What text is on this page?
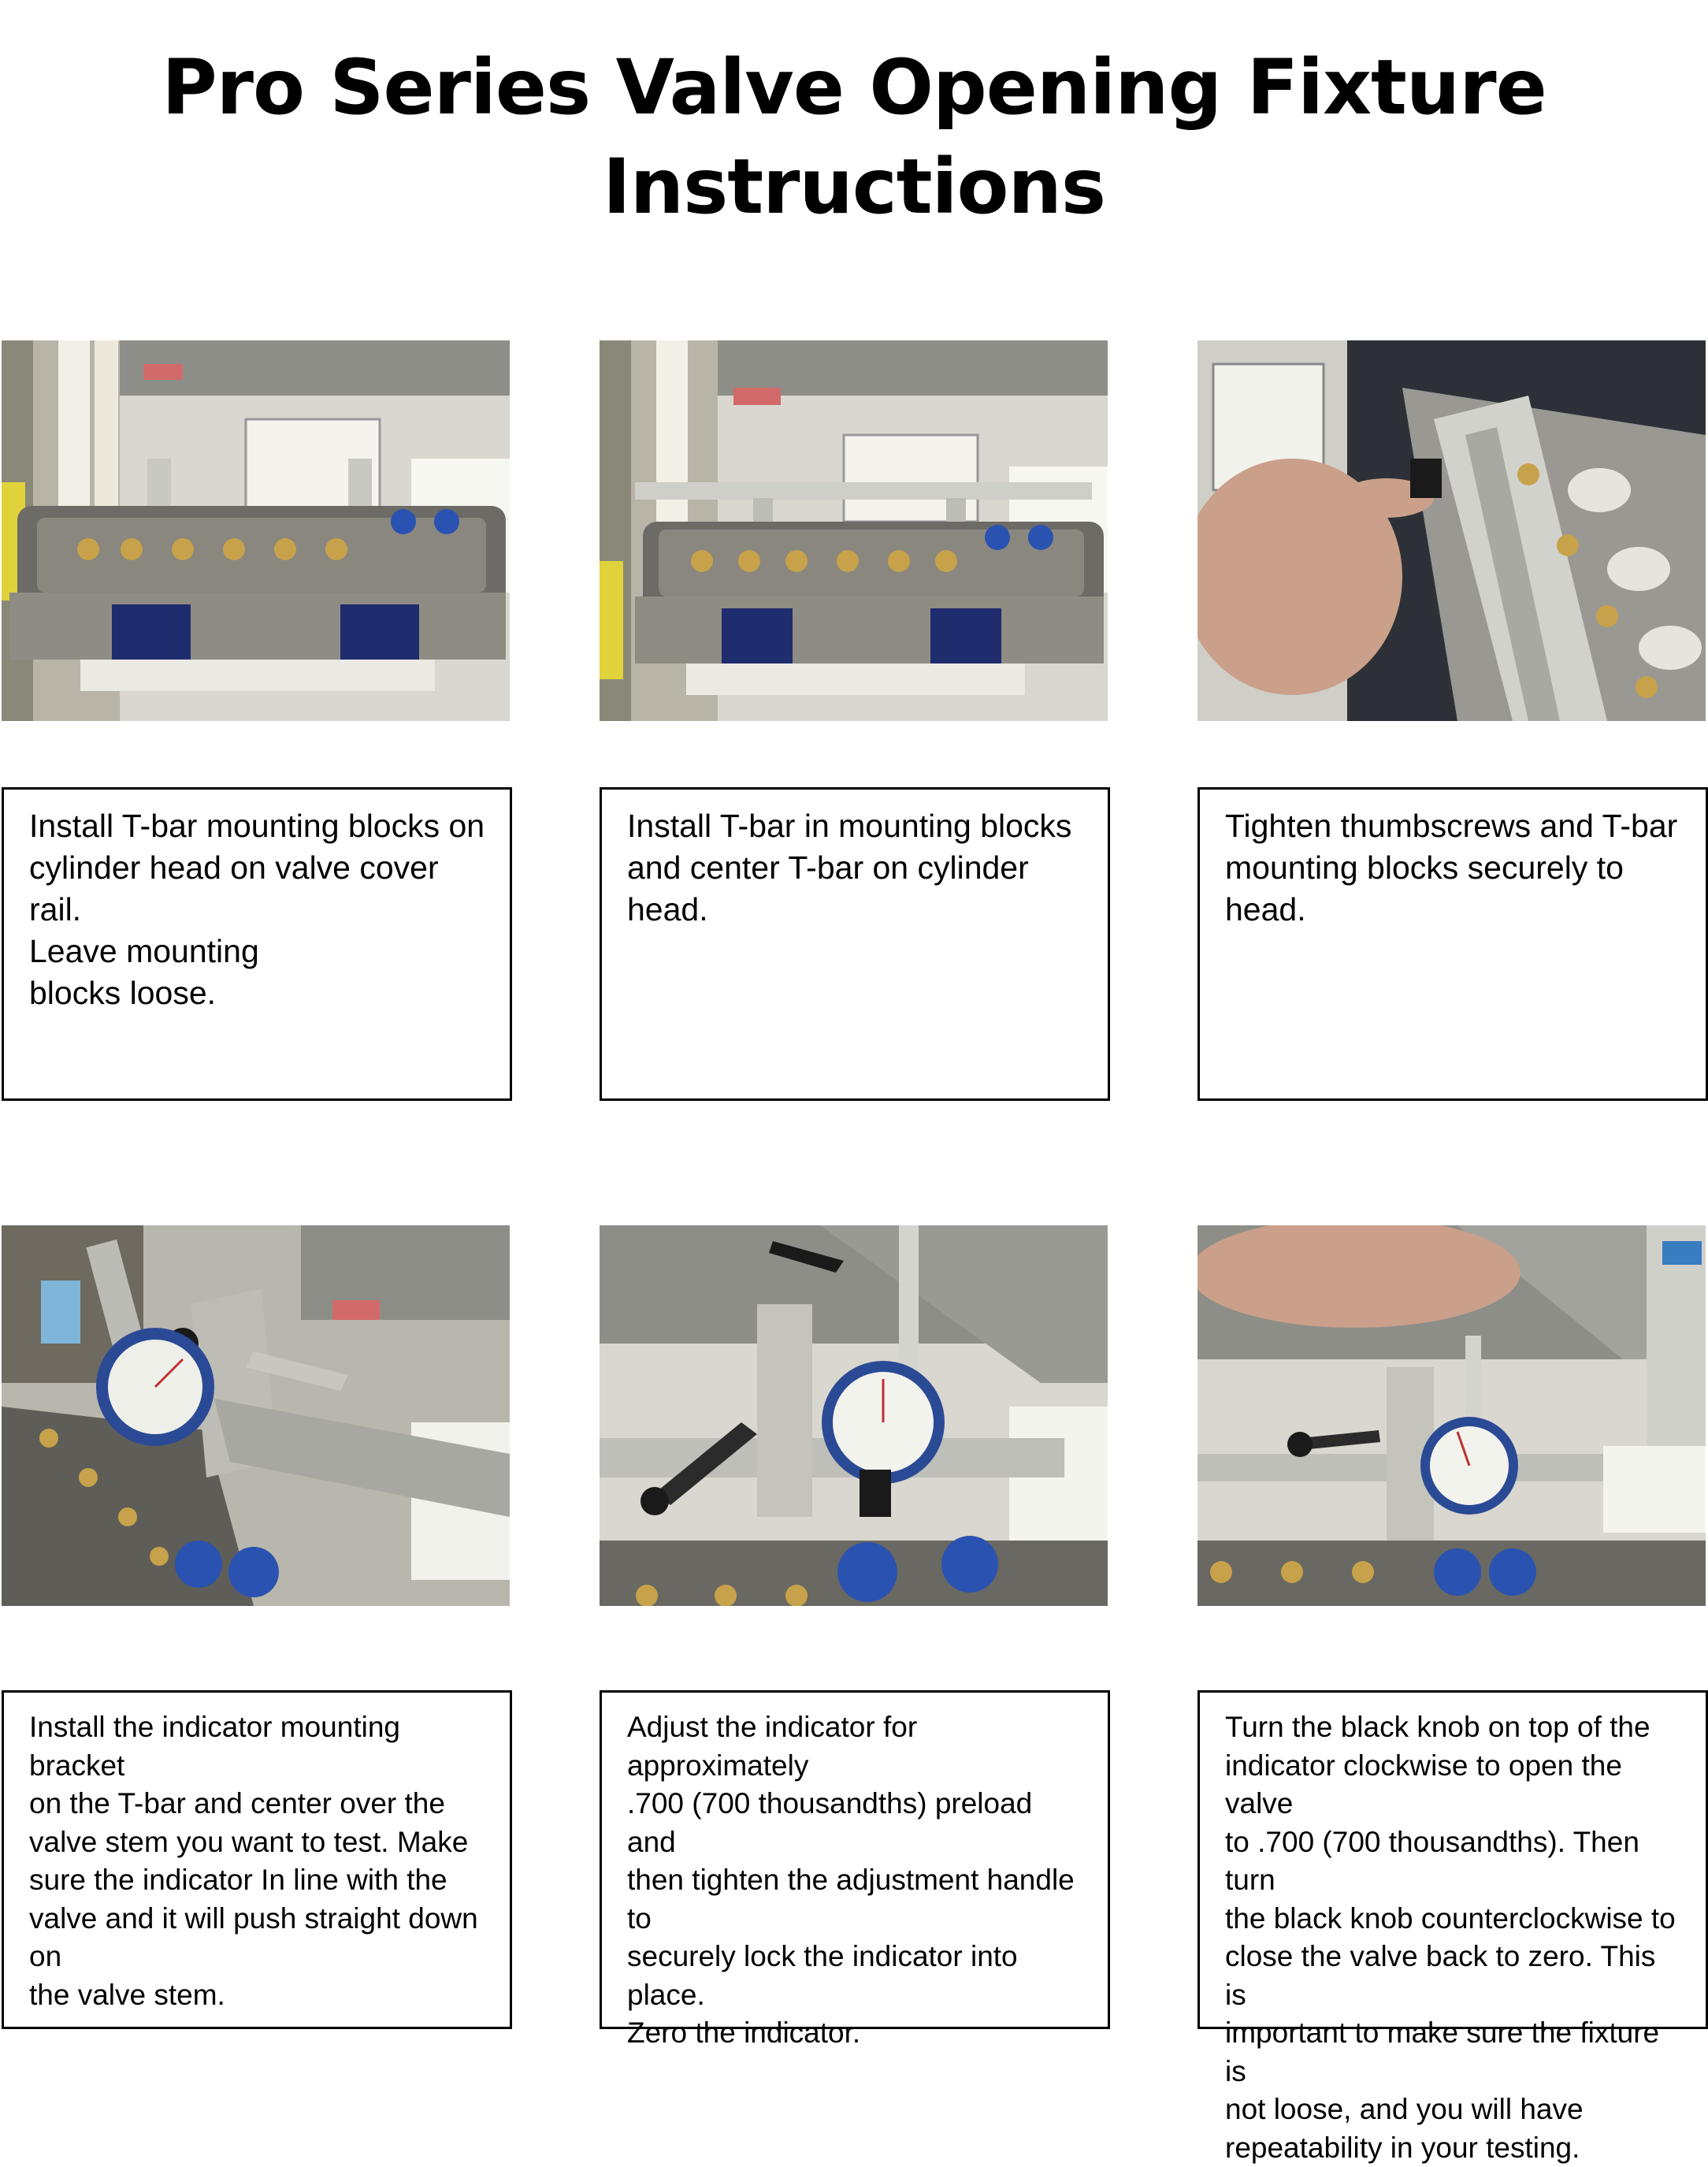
Pro Series Valve Opening Fixture
Instructions

Install T-bar mounting blocks on
cylinder head on valve cover rail.
Leave mounting
blocks loose.

Install T-bar in mounting blocks
and center T-bar on cylinder
head.

Tighten thumbscrews and T-bar
mounting blocks securely to head.

Install the indicator mounting bracket
on the T-bar and center over the
valve stem you want to test. Make
sure the indicator In line with the
valve and it will push straight down on
the valve stem.

Adjust the indicator for approximately
.700 (700 thousandths) preload and
then tighten the adjustment handle to
securely lock the indicator into place.
Zero the indicator.

Turn the black knob on top of the
indicator clockwise to open the valve
to .700 (700 thousandths). Then turn
the black knob counterclockwise to
close the valve back to zero. This is
important to make sure the fixture is
not loose, and you will have
repeatability in your testing.
